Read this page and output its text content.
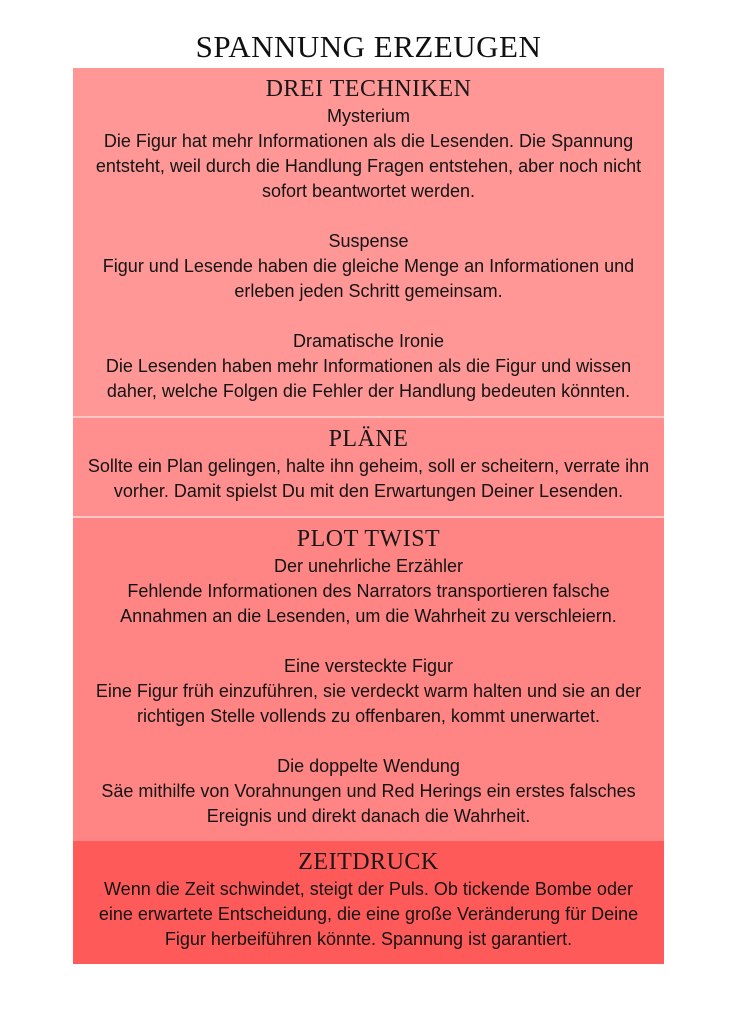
SPANNUNG ERZEUGEN
DREI TECHNIKEN
Mysterium

Die Figur hat mehr Informationen als die Lesenden. Die Spannung entsteht, weil durch die Handlung Fragen entstehen, aber noch nicht sofort beantwortet werden.

Suspense

Figur und Lesende haben die gleiche Menge an Informationen und erleben jeden Schritt gemeinsam.

Dramatische Ironie

Die Lesenden haben mehr Informationen als die Figur und wissen daher, welche Folgen die Fehler der Handlung bedeuten könnten.

PLÄNE

Sollte ein Plan gelingen, halte ihn geheim, soll er scheitern, verrate ihn vorher. Damit spielst Du mit den Erwartungen Deiner Lesenden.

PLOT TWIST
Der unehrliche Erzähler

Fehlende Informationen des Narrators transportieren falsche Annahmen an die Lesenden, um die Wahrheit zu verschleiern.

Eine versteckte Figur

Eine Figur früh einzuführen, sie verdeckt warm halten und sie an der richtigen Stelle vollends zu offenbaren, kommt unerwartet.

Die doppelte Wendung

Säe mithilfe von Vorahnungen und Red Herings ein erstes falsches Ereignis und direkt danach die Wahrheit.

ZEITDRUCK

Wenn die Zeit schwindet, steigt der Puls. Ob tickende Bombe oder eine erwartete Entscheidung, die eine große Veränderung für Deine Figur herbeiführen könnte. Spannung ist garantiert.
